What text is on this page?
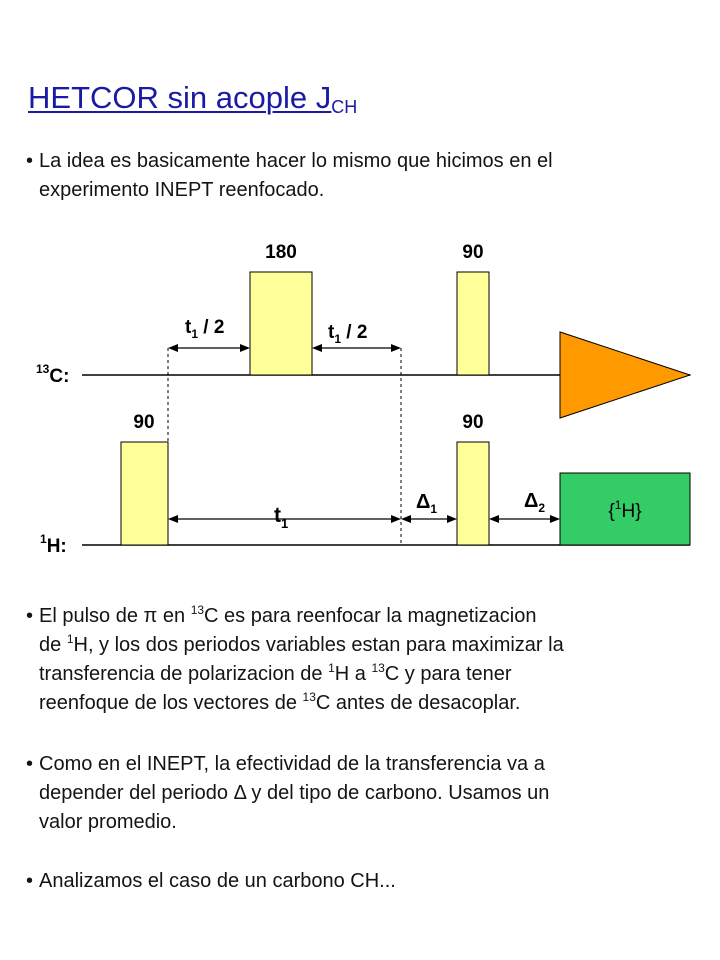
HETCOR sin acople $J_{CH}$
• La idea es basicamente hacer lo mismo que hicimos en el
experimento INEPT reenfocado.
$^{13}$C:
$^1$H:
180	90
90	90
{$^1$H}
$t_1 / 2$	$t_1 / 2$
$t_1$
$\Delta_1$	$\Delta_2$
• El pulso de π en $^{13}$C es para reenfocar la magnetizacion
de $^1$H, y los dos periodos variables estan para maximizar la
transferencia de polarizacion de $^1$H a $^{13}$C y para tener
reenfoque de los vectores de $^{13}$C antes de desacoplar.
• Como en el INEPT, la efectividad de la transferencia va a
depender del periodo Δ y del tipo de carbono. Usamos un
valor promedio.
• Analizamos el caso de un carbono CH...
